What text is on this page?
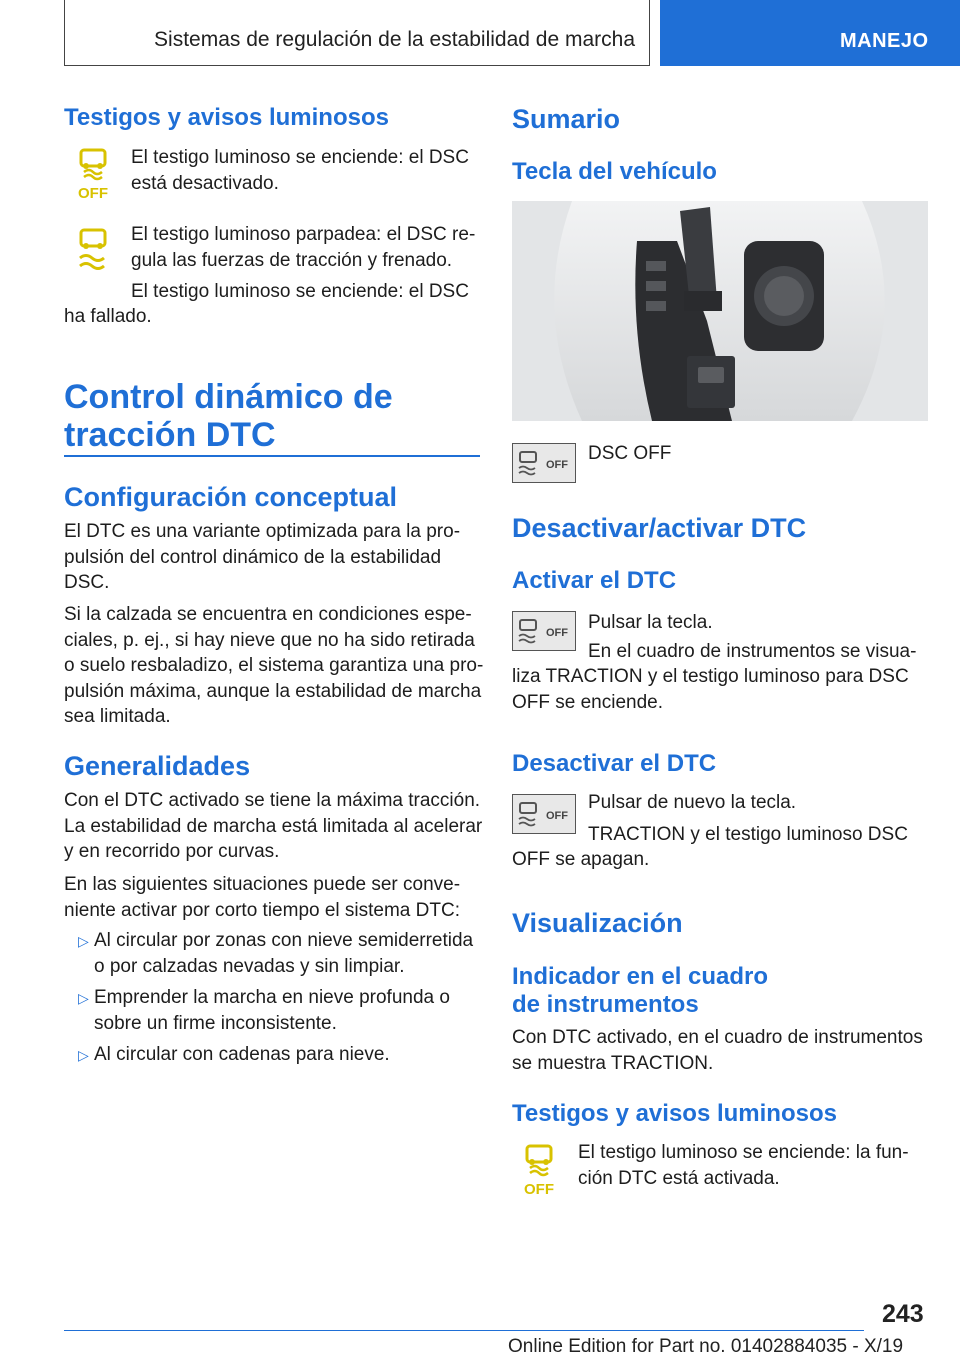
Sistemas de regulación de la estabilidad de marcha	MANEJO
Testigos y avisos luminosos
OFF
El testigo luminoso se enciende: el DSC
está desactivado.
El testigo luminoso parpadea: el DSC re‐
gula las fuerzas de tracción y frenado.
El testigo luminoso se enciende: el DSC
ha fallado.
Control dinámico de
tracción DTC
Configuración conceptual
El DTC es una variante optimizada para la pro‐
pulsión del control dinámico de la estabilidad
DSC.
Si la calzada se encuentra en condiciones espe‐
ciales, p. ej., si hay nieve que no ha sido retirada
o suelo resbaladizo, el sistema garantiza una pro‐
pulsión máxima, aunque la estabilidad de marcha
sea limitada.
Generalidades
Con el DTC activado se tiene la máxima tracción.
La estabilidad de marcha está limitada al acelerar
y en recorrido por curvas.
En las siguientes situaciones puede ser conve‐
niente activar por corto tiempo el sistema DTC:
▷ Al circular por zonas con nieve semiderretida
o por calzadas nevadas y sin limpiar.
▷ Emprender la marcha en nieve profunda o
sobre un firme inconsistente.
▷ Al circular con cadenas para nieve.
Sumario
Tecla del vehículo
OFF
DSC OFF
Desactivar/activar DTC
Activar el DTC
OFF Pulsar la tecla.
En el cuadro de instrumentos se visua‐
liza TRACTION y el testigo luminoso para DSC
OFF se enciende.
Desactivar el DTC
OFF
Pulsar de nuevo la tecla.
TRACTION y el testigo luminoso DSC
OFF se apagan.
Visualización
Indicador en el cuadro
de instrumentos
Con DTC activado, en el cuadro de instrumentos
se muestra TRACTION.
Testigos y avisos luminosos
OFF
El testigo luminoso se enciende: la fun‐
ción DTC está activada.
243
Online Edition for Part no. 01402884035 - X/19
